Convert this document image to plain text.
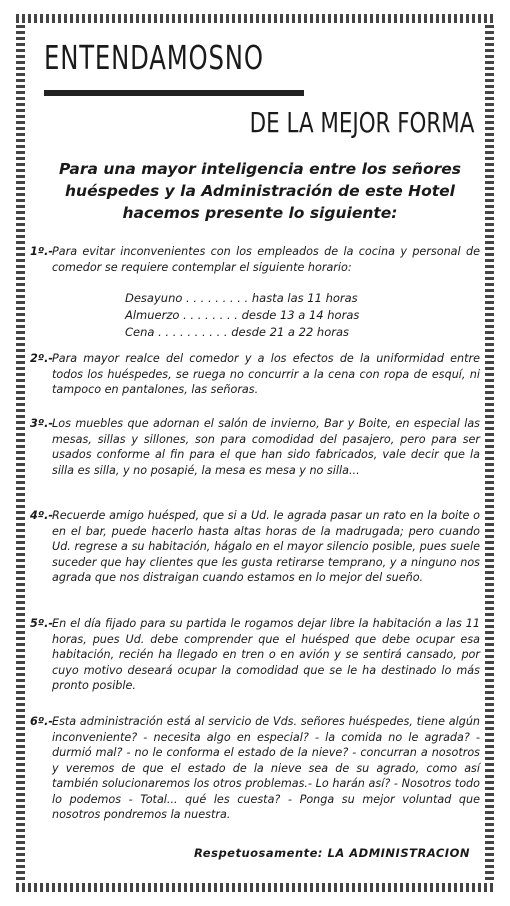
ENTENDAMOSNO
DE LA MEJOR FORMA
Para una mayor inteligencia entre los señores huéspedes y la Administración de este Hotel hacemos presente lo siguiente:
1º.- Para evitar inconvenientes con los empleados de la cocina y personal de comedor se requiere contemplar el siguiente horario:
Desayuno . . . . . . . . . hasta las 11 horas
Almuerzo . . . . . . . . desde 13 a 14 horas
Cena . . . . . . . . . . desde 21 a 22 horas
2º.- Para mayor realce del comedor y a los efectos de la uniformidad entre todos los huéspedes, se ruega no concurrir a la cena con ropa de esquí, ni tampoco en pantalones, las señoras.
3º.- Los muebles que adornan el salón de invierno, Bar y Boite, en especial las mesas, sillas y sillones, son para comodidad del pasajero, pero para ser usados conforme al fin para el que han sido fabricados, vale decir que la silla es silla, y no posapié, la mesa es mesa y no silla...
4º.- Recuerde amigo huésped, que si a Ud. le agrada pasar un rato en la boite o en el bar, puede hacerlo hasta altas horas de la madrugada; pero cuando Ud. regrese a su habitación, hágalo en el mayor silencio posible, pues suele suceder que hay clientes que les gusta retirarse temprano, y a ninguno nos agrada que nos distraigan cuando estamos en lo mejor del sueño.
5º.- En el día fijado para su partida le rogamos dejar libre la habitación a las 11 horas, pues Ud. debe comprender que el huésped que debe ocupar esa habitación, recién ha llegado en tren o en avión y se sentirá cansado, por cuyo motivo deseará ocupar la comodidad que se le ha destinado lo más pronto posible.
6º.- Esta administración está al servicio de Vds. señores huéspedes, tiene algún inconveniente? - necesita algo en especial? - la comida no le agrada? - durmió mal? - no le conforma el estado de la nieve? - concurran a nosotros y veremos de que el estado de la nieve sea de su agrado, como así también solucionaremos los otros problemas.- Lo harán así? - Nosotros todo lo podemos - Total... qué les cuesta? - Ponga su mejor voluntad que nosotros pondremos la nuestra.
Respetuosamente: LA ADMINISTRACION
